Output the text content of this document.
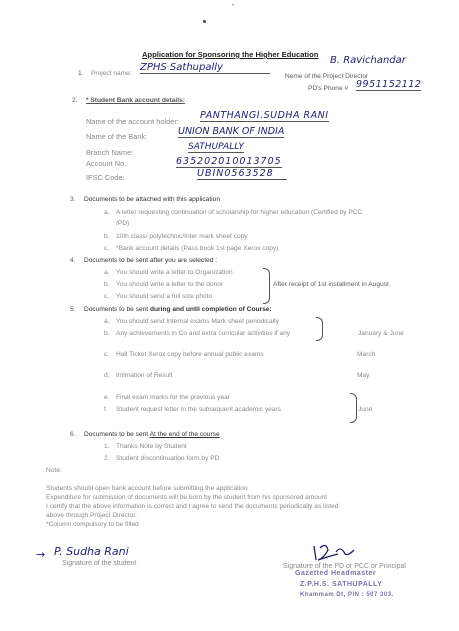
"
Application for Sponsoring the Higher Education
1. Project name:
ZPHS Sathupally
B. Ravichandar
Neme of the Project Director
PD's Phone # 9951152112
2. * Student Bank account details:
Name of the account holder:
PANTHANGI.SUDHA RANI
Name of the Bank:	UNION BANK OF INDIA
Branch Name:
SATHUPALLY
Account No.	635202010013705
IFSC Code:	UBIN0563528
3. Documents to be attached with this application
a. A letter requesting continuation of scholarship for higher education (Certified by PCC
/PD)
b. 10th class/ polytechnic/Inter mark sheet copy
c. *Bank account details (Pass book 1st page Xerox copy)
4. Documents to be sent after you are selected :
a. You should write a letter to Organization
b. You should write a letter to the donor
c. You should send a full size photo
After receipt of 1st installment in August
5. Documents to be sent during and until completion of Course:
a. You should send Internal exams Mark sheet periodically
b. Any achievements in Co and extra curricular activities if any	January & June
c. Hall Ticket Xerox copy before annual public exams	March
d. Intimation of Result	May
e. Final exam marks for the previous year
f. Student request letter in the subsequent academic years	June
6. Documents to be sent At the end of the course
1. Thanks Note by Student
2. Student discontinuation form by PD
Note:
Students should open bank account before submitting the application
Expenditure for submission of documents will be born by the student from his sponsored amount
I certify that the above information is correct and I agree to send the documents periodically as listed
above through Project Director.
*Column compulsory to be filled
→ P. Sudha Rani
Signature of the student	Signature of the PD or PCC or Principal
Gazetted Headmaster
Z.P.H.S. SATHUPALLY
Khammam Dt, PIN : 507 303.
